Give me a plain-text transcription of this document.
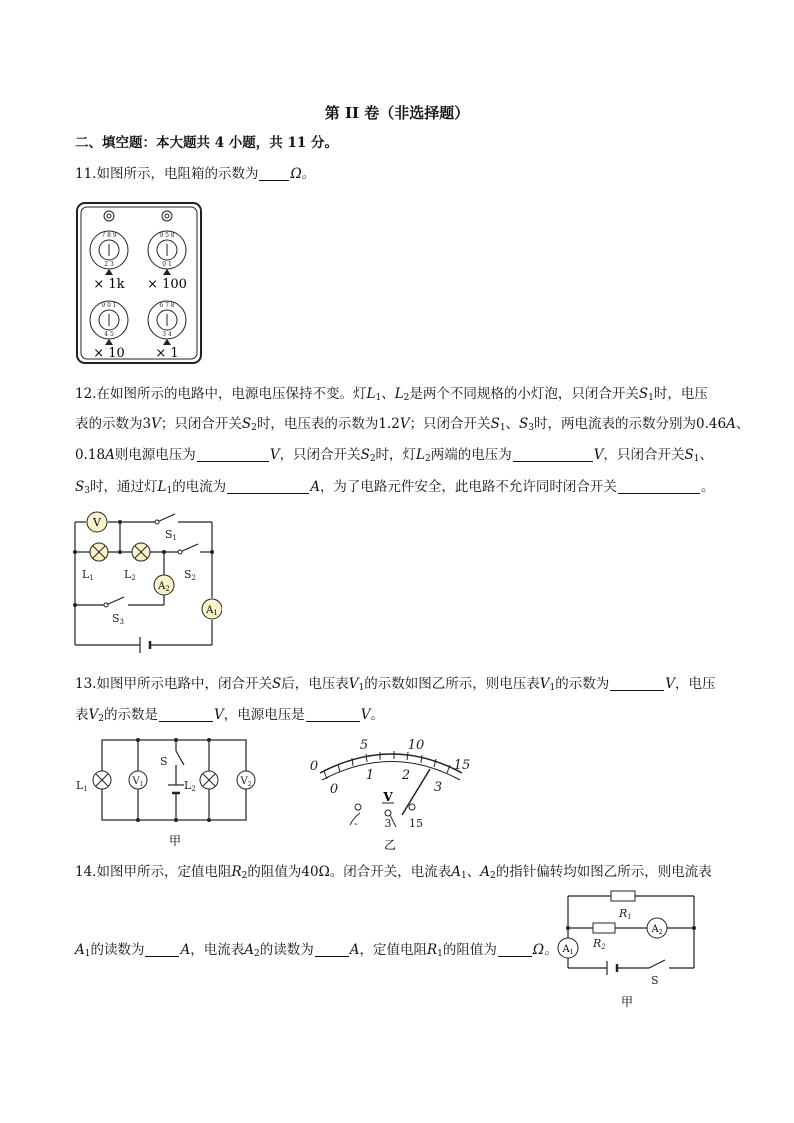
第 II 卷（非选择题）
二、填空题：本大题共 4 小题，共 11 分。
11.如图所示，电阻箱的示数为 Ω。
7 8 9
2 3
9 5 8
0 1
9 0 1
4 5
6 7 8
3 4
× 1k × 100
× 10 × 1
12.在如图所示的电路中，电源电压保持不变。灯$L_1$、$L_2$是两个不同规格的小灯泡，只闭合开关$S_1$时，电压
表的示数为3V；只闭合开关$S_2$时，电压表的示数为1.2V；只闭合开关$S_1$、$S_3$时，两电流表的示数分别为0.46A、
0.18A则电源电压为	V，只闭合开关$S_2$时，灯$L_2$两端的电压为	V，只闭合开关$S_1$、
$S_3$时，通过灯$L_1$的电流为	A，为了电路元件安全，此电路不允许同时闭合开关	。
V
$A_2$
$A_1$
S1
L1	L2	S2
S3
13.如图甲所示电路中，闭合开关S后，电压表$V_1$的示数如图乙所示，则电压表$V_1$的示数为	V，电压
表$V_2$的示数是	V，电源电压是	V。
$V_1$	$V_2$
L1	L2
S
甲
0
5	10
15
0
1 2
3
V
- 3 15
乙
14.如图甲所示，定值电阻$R_2$的阻值为40Ω。闭合开关，电流表$A_1$、$A_2$的指针偏转均如图乙所示，则电流表
$A_1$的读数为	A，电流表$A_2$的读数为	A，定值电阻$R_1$的阻值为	Ω。 $A_1$
$A_2$
R1
R2
S
甲
